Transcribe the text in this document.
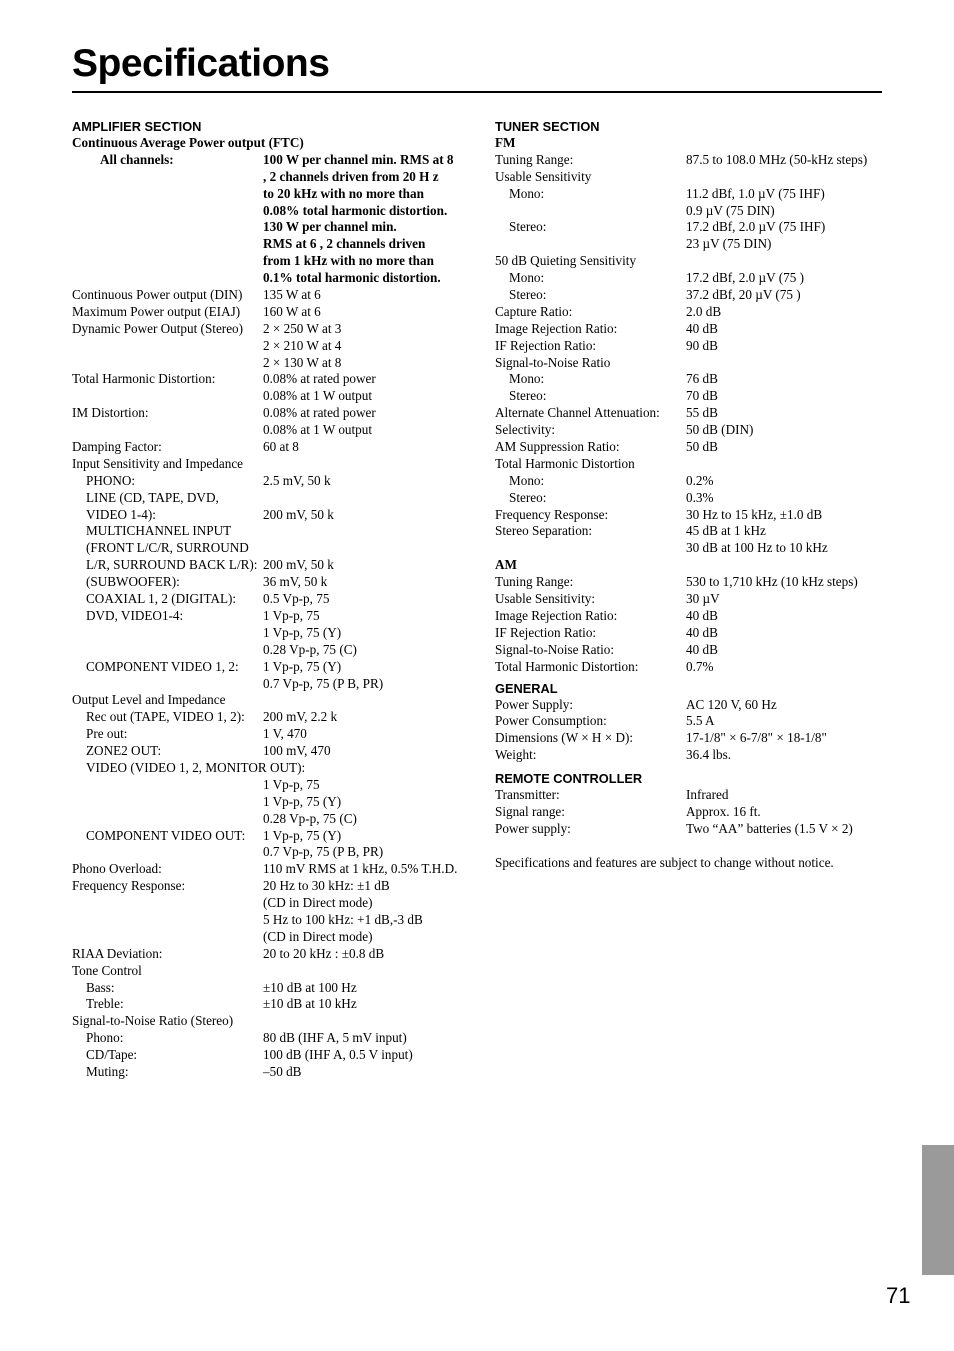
Specifications
AMPLIFIER SECTION
Continuous Average Power output (FTC)
All channels:	100 W per channel min. RMS at 8
, 2 channels driven from 20 H z
to 20 kHz with no more than
0.08% total harmonic distortion.
130 W per channel min.
RMS at 6 , 2 channels driven
from 1 kHz with no more than
0.1% total harmonic distortion.
Continuous Power output (DIN)	135 W at 6
Maximum Power output (EIAJ)	160 W at 6
Dynamic Power Output (Stereo)	2 × 250 W at 3
2 × 210 W at 4
2 × 130 W at 8
Total Harmonic Distortion:	0.08% at rated power
0.08% at 1 W output
IM Distortion:	0.08% at rated power
0.08% at 1 W output
Damping Factor:	60 at 8
Input Sensitivity and Impedance
PHONO:	2.5 mV, 50 k
LINE (CD, TAPE, DVD,
VIDEO 1-4):	200 mV, 50 k
MULTICHANNEL INPUT
(FRONT L/C/R, SURROUND
L/R, SURROUND BACK L/R): 200 mV, 50 k
(SUBWOOFER):	36 mV, 50 k
COAXIAL 1, 2 (DIGITAL):	0.5 Vp-p, 75
DVD, VIDEO1-4:	1 Vp-p, 75
1 Vp-p, 75 (Y)
0.28 Vp-p, 75 (C)
COMPONENT VIDEO 1, 2:	1 Vp-p, 75 (Y)
0.7 Vp-p, 75 (P B, PR)
Output Level and Impedance
Rec out (TAPE, VIDEO 1, 2):	200 mV, 2.2 k
Pre out:	1 V, 470
ZONE2 OUT:	100 mV, 470
VIDEO (VIDEO 1, 2, MONITOR OUT):
1 Vp-p, 75
1 Vp-p, 75 (Y)
0.28 Vp-p, 75 (C)
COMPONENT VIDEO OUT:	1 Vp-p, 75 (Y)
0.7 Vp-p, 75 (P B, PR)
Phono Overload:	110 mV RMS at 1 kHz, 0.5% T.H.D.
Frequency Response:	20 Hz to 30 kHz: ±1 dB
(CD in Direct mode)
5 Hz to 100 kHz: +1 dB,-3 dB
(CD in Direct mode)
RIAA Deviation:	20 to 20 kHz : ±0.8 dB
Tone Control
Bass:	±10 dB at 100 Hz
Treble:	±10 dB at 10 kHz
Signal-to-Noise Ratio (Stereo)
Phono:	80 dB (IHF A, 5 mV input)
CD/Tape:	100 dB (IHF A, 0.5 V input)
Muting:	–50 dB
TUNER SECTION
FM
Tuning Range:	87.5 to 108.0 MHz (50-kHz steps)
Usable Sensitivity
Mono:	11.2 dBf, 1.0 µV (75 IHF)
0.9 µV (75 DIN)
Stereo:	17.2 dBf, 2.0 µV (75 IHF)
23 µV (75 DIN)
50 dB Quieting Sensitivity
Mono:	17.2 dBf, 2.0 µV (75 )
Stereo:	37.2 dBf, 20 µV (75 )
Capture Ratio:	2.0 dB
Image Rejection Ratio:	40 dB
IF Rejection Ratio:	90 dB
Signal-to-Noise Ratio
Mono:	76 dB
Stereo:	70 dB
Alternate Channel Attenuation:	55 dB
Selectivity:	50 dB (DIN)
AM Suppression Ratio:	50 dB
Total Harmonic Distortion
Mono:	0.2%
Stereo:	0.3%
Frequency Response:	30 Hz to 15 kHz, ±1.0 dB
Stereo Separation:	45 dB at 1 kHz
30 dB at 100 Hz to 10 kHz
AM
Tuning Range:	530 to 1,710 kHz (10 kHz steps)
Usable Sensitivity:	30 µV
Image Rejection Ratio:	40 dB
IF Rejection Ratio:	40 dB
Signal-to-Noise Ratio:	40 dB
Total Harmonic Distortion:	0.7%
GENERAL
Power Supply:	AC 120 V, 60 Hz
Power Consumption:	5.5 A
Dimensions (W × H × D):	17-1/8" × 6-7/8" × 18-1/8"
Weight:	36.4 lbs.
REMOTE CONTROLLER
Transmitter:	Infrared
Signal range:	Approx. 16 ft.
Power supply:	Two “AA” batteries (1.5 V × 2)
Specifications and features are subject to change without notice.
71
